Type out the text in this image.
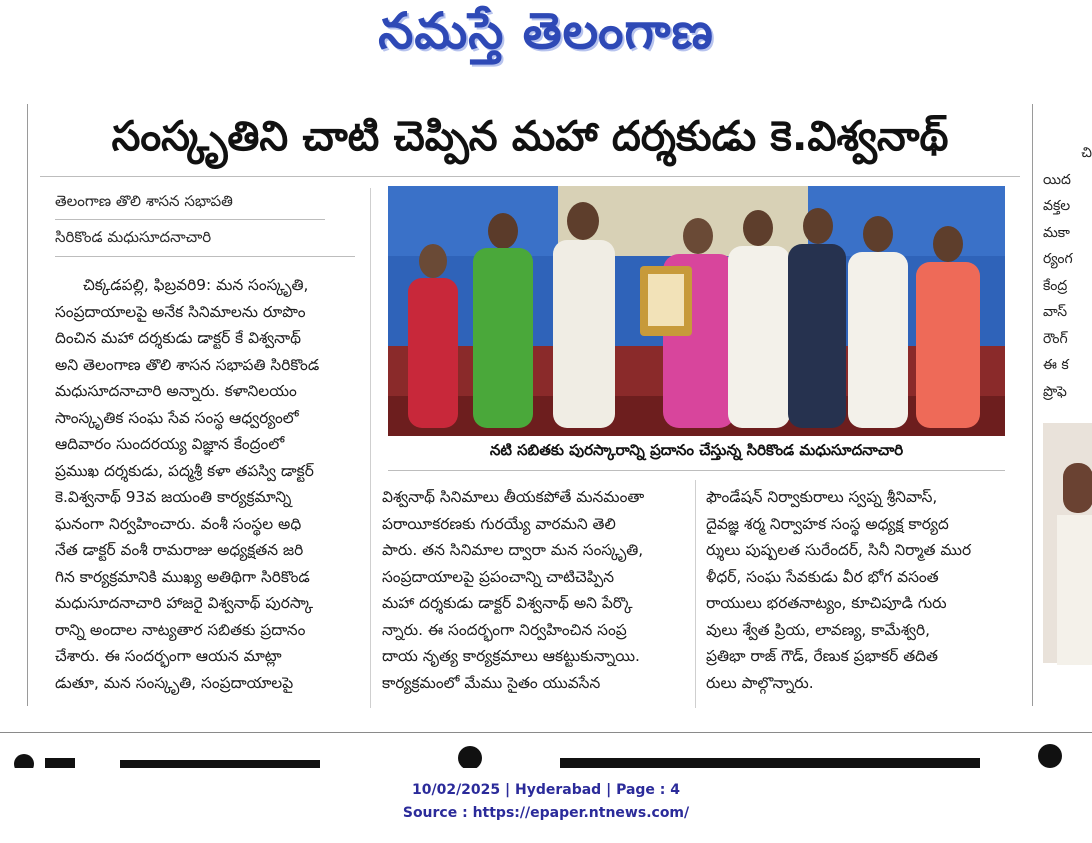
నమస్తే తెలంగాణ
సంస్కృతిని చాటి చెప్పిన మహా దర్శకుడు కె.విశ్వనాథ్
తెలంగాణ తొలి శాసన సభాపతి
సిరికొండ మధుసూదనాచారి

చిక్కడపల్లి, ఫిబ్రవరి9: మన సంస్కృతి,

సంప్రదాయాలపై అనేక సినిమాలను రూపొం

దించిన మహా దర్శకుడు డాక్టర్ కే విశ్వనాథ్

అని తెలంగాణ తొలి శాసన సభాపతి సిరికొండ

మధుసూదనాచారి అన్నారు. కళానిలయం

సాంస్కృతిక సంఘ సేవ సంస్థ ఆధ్వర్యంలో

ఆదివారం సుందరయ్య విజ్ఞాన కేంద్రంలో

ప్రముఖ దర్శకుడు, పద్మశ్రీ కళా తపస్వి డాక్టర్

కె.విశ్వనాథ్ 93వ జయంతి కార్యక్రమాన్ని

ఘనంగా నిర్వహించారు. వంశీ సంస్థల అధి

నేత డాక్టర్ వంశీ రామరాజు అధ్యక్షతన జరి

గిన కార్యక్రమానికి ముఖ్య అతిథిగా సిరికొండ

మధుసూదనాచారి హాజరై విశ్వనాథ్ పురస్కా

రాన్ని అందాల నాట్యతార సబితకు ప్రదానం

చేశారు. ఈ సందర్భంగా ఆయన మాట్లా

డుతూ, మన సంస్కృతి, సంప్రదాయాలపై

నటి సబితకు పురస్కారాన్ని ప్రదానం చేస్తున్న సిరికొండ మధుసూదనాచారి

విశ్వనాథ్ సినిమాలు తీయకపోతే మనమంతా

పరాయీకరణకు గురయ్యే వారమని తెలి

పారు. తన సినిమాల ద్వారా మన సంస్కృతి,

సంప్రదాయాలపై ప్రపంచాన్ని చాటిచెప్పిన

మహా దర్శకుడు డాక్టర్ విశ్వనాథ్ అని పేర్కొ

న్నారు. ఈ సందర్భంగా నిర్వహించిన సంప్ర

దాయ నృత్య కార్యక్రమాలు ఆకట్టుకున్నాయి.

కార్యక్రమంలో మేము సైతం యువసేన

ఫౌండేషన్ నిర్వాకురాలు స్వప్న శ్రీనివాస్,

దైవజ్ఞ శర్మ నిర్వాహక సంస్థ అధ్యక్ష కార్యద

ర్శులు పుష్పలత సురేందర్, సినీ నిర్మాత ముర

ళీధర్, సంఘ సేవకుడు వీర భోగ వసంత

రాయులు భరతనాట్యం, కూచిపూడి గురు

వులు శ్వేత ప్రియ, లావణ్య, కామేశ్వరి,

ప్రతిభా రాజ్ గౌడ్, రేణుక ప్రభాకర్ తదిత

రులు పాల్గొన్నారు.

చి

యిద

వక్తల

మకా

ర్యంగ

కేంద్ర

వాస్

రౌంగ్

ఈ క

ప్రొఫె

10/02/2025 | Hyderabad | Page : 4
Source : https://epaper.ntnews.com/
